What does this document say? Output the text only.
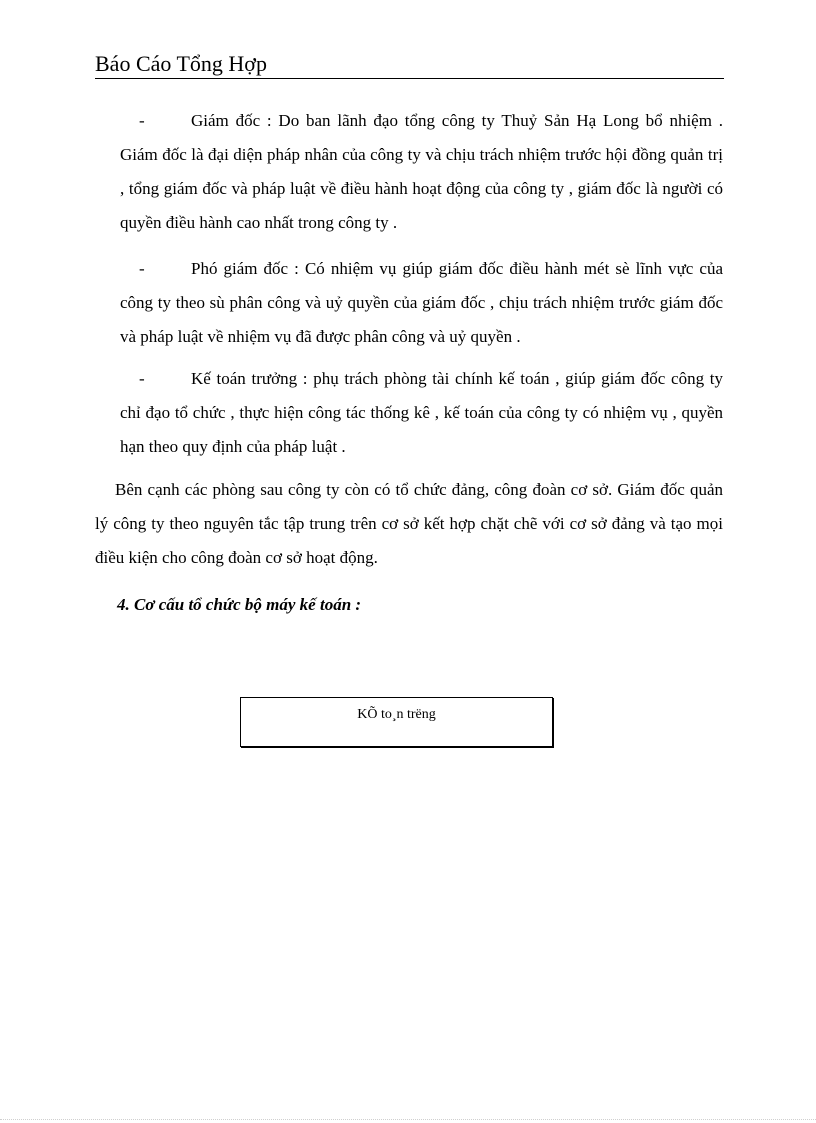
Báo Cáo Tổng Hợp
-	Giám đốc : Do ban lãnh đạo tổng công ty Thuỷ Sản Hạ Long bổ nhiệm . Giám đốc là đại diện pháp nhân của công ty và chịu trách nhiệm trước hội đồng quản trị , tổng giám đốc và pháp luật về điều hành hoạt động của công ty , giám đốc là người có quyền điều hành cao nhất trong công ty .
-	Phó giám đốc : Có nhiệm vụ giúp giám đốc điều hành mét sè lĩnh vực của công ty theo sù phân công và uỷ quyền của giám đốc , chịu trách nhiệm trước giám đốc và pháp luật về nhiệm vụ đã được phân công và uỷ quyền .
-	Kế toán trưởng : phụ trách phòng tài chính kế toán , giúp giám đốc công ty chỉ đạo tổ chức , thực hiện công tác thống kê , kế toán của công ty có nhiệm vụ , quyền hạn theo quy định của pháp luật .
Bên cạnh các phòng sau công ty còn có tổ chức đảng, công đoàn cơ sở. Giám đốc quản lý công ty theo nguyên tắc tập trung trên cơ sở kết hợp chặt chẽ với cơ sở đảng và tạo mọi điều kiện cho công đoàn cơ sở hoạt động.
4. Cơ cấu tổ chức bộ máy kế toán :
KÕ to¸n trëng
